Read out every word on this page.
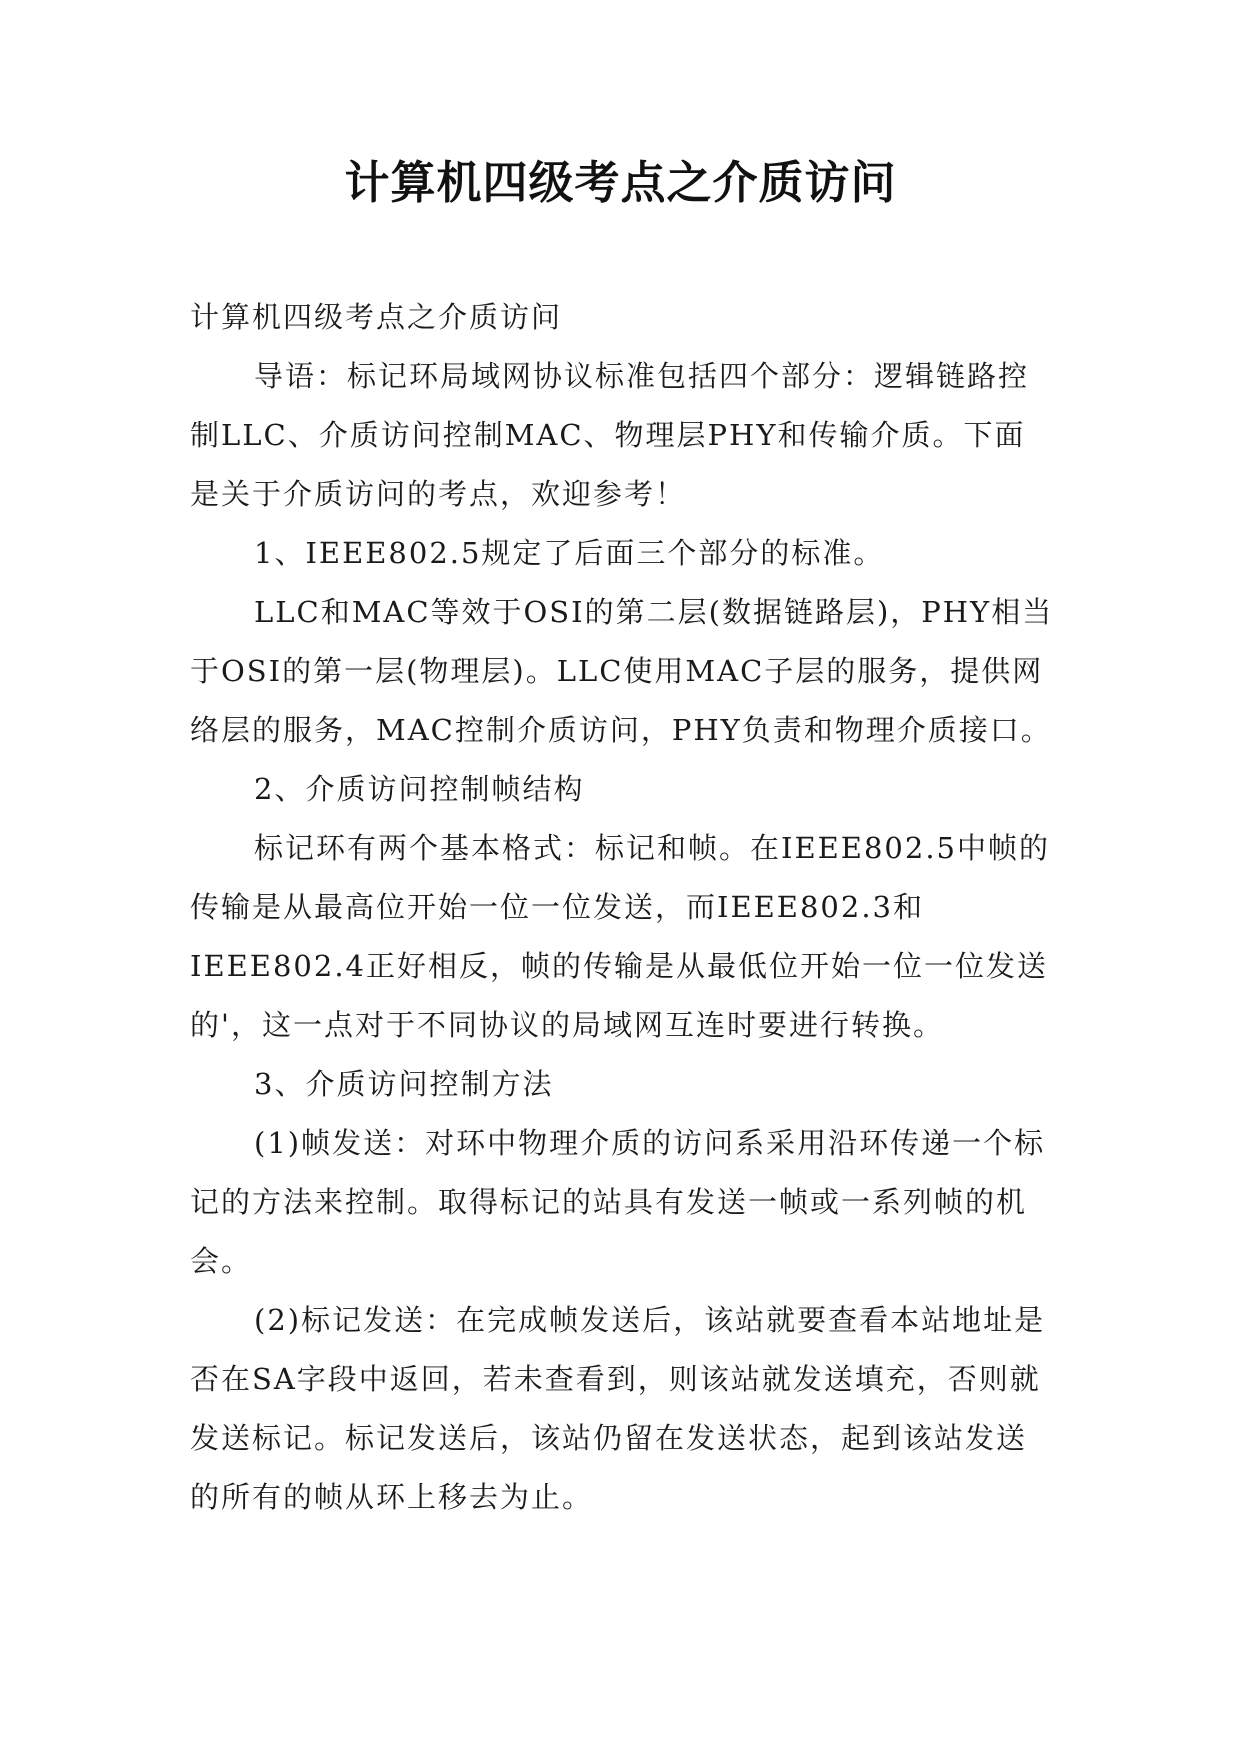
计算机四级考点之介质访问

计算机四级考点之介质访问

导语：标记环局域网协议标准包括四个部分：逻辑链路控制LLC、介质访问控制MAC、物理层PHY和传输介质。下面是关于介质访问的考点，欢迎参考！

1、IEEE802.5规定了后面三个部分的标准。

LLC和MAC等效于OSI的第二层(数据链路层)，PHY相当于OSI的第一层(物理层)。LLC使用MAC子层的服务，提供网络层的服务，MAC控制介质访问，PHY负责和物理介质接口。

2、介质访问控制帧结构

标记环有两个基本格式：标记和帧。在IEEE802.5中帧的传输是从最高位开始一位一位发送，而IEEE802.3和IEEE802.4正好相反，帧的传输是从最低位开始一位一位发送的'，这一点对于不同协议的局域网互连时要进行转换。

3、介质访问控制方法

(1)帧发送：对环中物理介质的访问系采用沿环传递一个标记的方法来控制。取得标记的站具有发送一帧或一系列帧的机会。

(2)标记发送：在完成帧发送后，该站就要查看本站地址是否在SA字段中返回，若未查看到，则该站就发送填充，否则就发送标记。标记发送后，该站仍留在发送状态，起到该站发送的所有的帧从环上移去为止。
